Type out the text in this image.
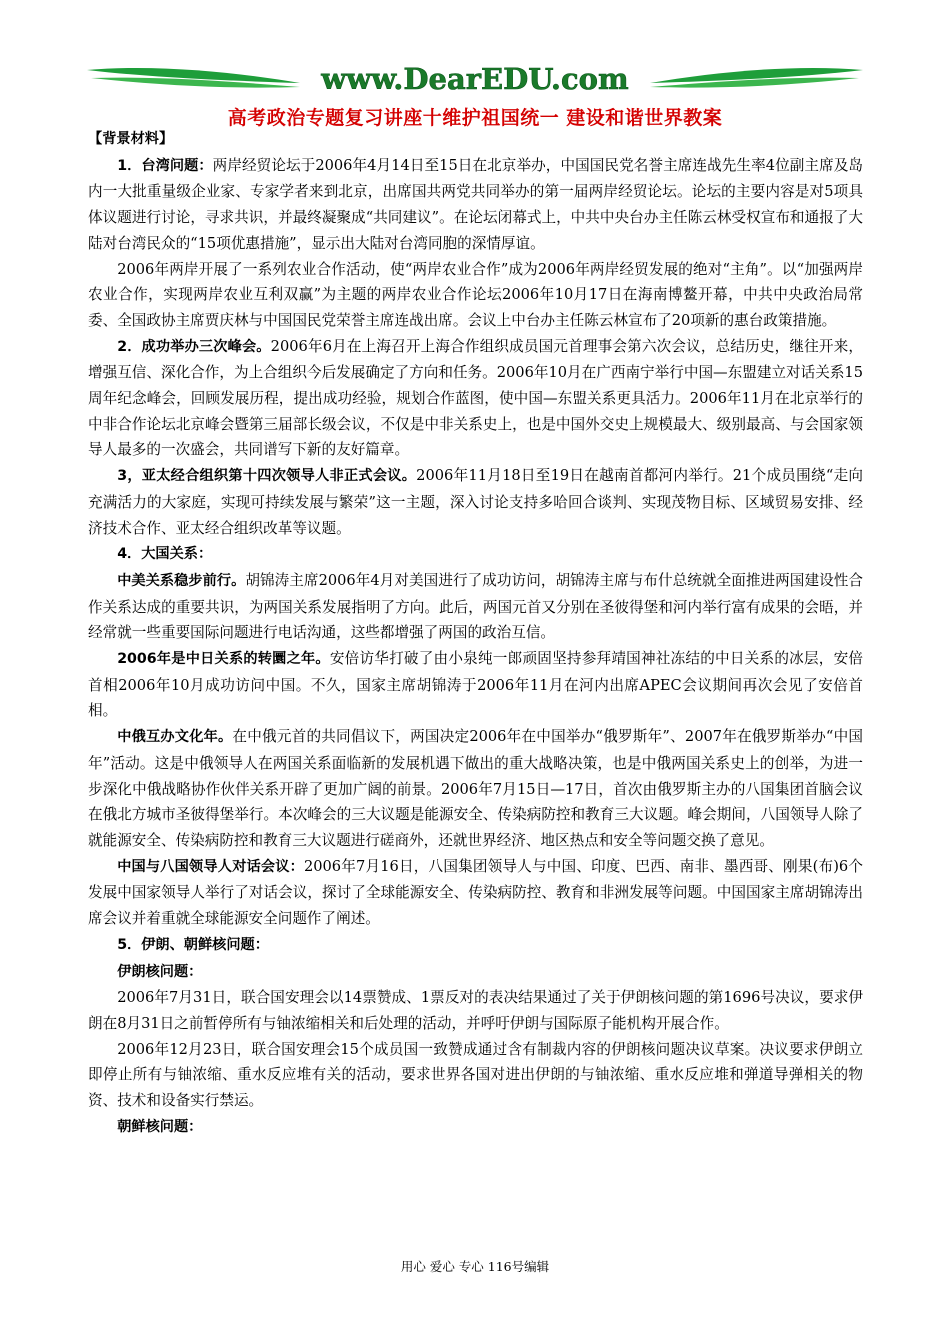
www.DearEDU.com
高考政治专题复习讲座十维护祖国统一 建设和谐世界教案

【背景材料】

1．台湾问题：两岸经贸论坛于2006年4月14日至15日在北京举办，中国国民党名誉主席连战先生率4位副主席及岛内一大批重量级企业家、专家学者来到北京，出席国共两党共同举办的第一届两岸经贸论坛。论坛的主要内容是对5项具体议题进行讨论，寻求共识，并最终凝聚成“共同建议”。在论坛闭幕式上，中共中央台办主任陈云林受权宣布和通报了大陆对台湾民众的“15项优惠措施”，显示出大陆对台湾同胞的深情厚谊。

2006年两岸开展了一系列农业合作活动，使“两岸农业合作”成为2006年两岸经贸发展的绝对“主角”。以“加强两岸农业合作，实现两岸农业互利双赢”为主题的两岸农业合作论坛2006年10月17日在海南博鳌开幕，中共中央政治局常委、全国政协主席贾庆林与中国国民党荣誉主席连战出席。会议上中台办主任陈云林宣布了20项新的惠台政策措施。

2．成功举办三次峰会。2006年6月在上海召开上海合作组织成员国元首理事会第六次会议，总结历史，继往开来，增强互信、深化合作，为上合组织今后发展确定了方向和任务。2006年10月在广西南宁举行中国—东盟建立对话关系15周年纪念峰会，回顾发展历程，提出成功经验，规划合作蓝图，使中国—东盟关系更具活力。2006年11月在北京举行的中非合作论坛北京峰会暨第三届部长级会议，不仅是中非关系史上，也是中国外交史上规模最大、级别最高、与会国家领导人最多的一次盛会，共同谱写下新的友好篇章。

3，亚太经合组织第十四次领导人非正式会议。2006年11月18日至19日在越南首都河内举行。21个成员围绕“走向充满活力的大家庭，实现可持续发展与繁荣”这一主题，深入讨论支持多哈回合谈判、实现茂物目标、区域贸易安排、经济技术合作、亚太经合组织改革等议题。

4．大国关系：

中美关系稳步前行。胡锦涛主席2006年4月对美国进行了成功访问，胡锦涛主席与布什总统就全面推进两国建设性合作关系达成的重要共识，为两国关系发展指明了方向。此后，两国元首又分别在圣彼得堡和河内举行富有成果的会晤，并经常就一些重要国际问题进行电话沟通，这些都增强了两国的政治互信。

2006年是中日关系的转圜之年。安倍访华打破了由小泉纯一郎顽固坚持参拜靖国神社冻结的中日关系的冰层，安倍首相2006年10月成功访问中国。不久，国家主席胡锦涛于2006年11月在河内出席APEC会议期间再次会见了安倍首相。

中俄互办文化年。在中俄元首的共同倡议下，两国决定2006年在中国举办“俄罗斯年”、2007年在俄罗斯举办“中国年”活动。这是中俄领导人在两国关系面临新的发展机遇下做出的重大战略决策，也是中俄两国关系史上的创举，为进一步深化中俄战略协作伙伴关系开辟了更加广阔的前景。2006年7月15日—17日，首次由俄罗斯主办的八国集团首脑会议在俄北方城市圣彼得堡举行。本次峰会的三大议题是能源安全、传染病防控和教育三大议题。峰会期间，八国领导人除了就能源安全、传染病防控和教育三大议题进行磋商外，还就世界经济、地区热点和安全等问题交换了意见。

中国与八国领导人对话会议：2006年7月16日，八国集团领导人与中国、印度、巴西、南非、墨西哥、刚果(布)6个发展中国家领导人举行了对话会议，探讨了全球能源安全、传染病防控、教育和非洲发展等问题。中国国家主席胡锦涛出席会议并着重就全球能源安全问题作了阐述。

5．伊朗、朝鲜核问题：

伊朗核问题：

2006年7月31日，联合国安理会以14票赞成、1票反对的表决结果通过了关于伊朗核问题的第1696号决议，要求伊朗在8月31日之前暂停所有与铀浓缩相关和后处理的活动，并呼吁伊朗与国际原子能机构开展合作。

2006年12月23日，联合国安理会15个成员国一致赞成通过含有制裁内容的伊朗核问题决议草案。决议要求伊朗立即停止所有与铀浓缩、重水反应堆有关的活动，要求世界各国对进出伊朗的与铀浓缩、重水反应堆和弹道导弹相关的物资、技术和设备实行禁运。

朝鲜核问题：

用心 爱心 专心 116号编辑
